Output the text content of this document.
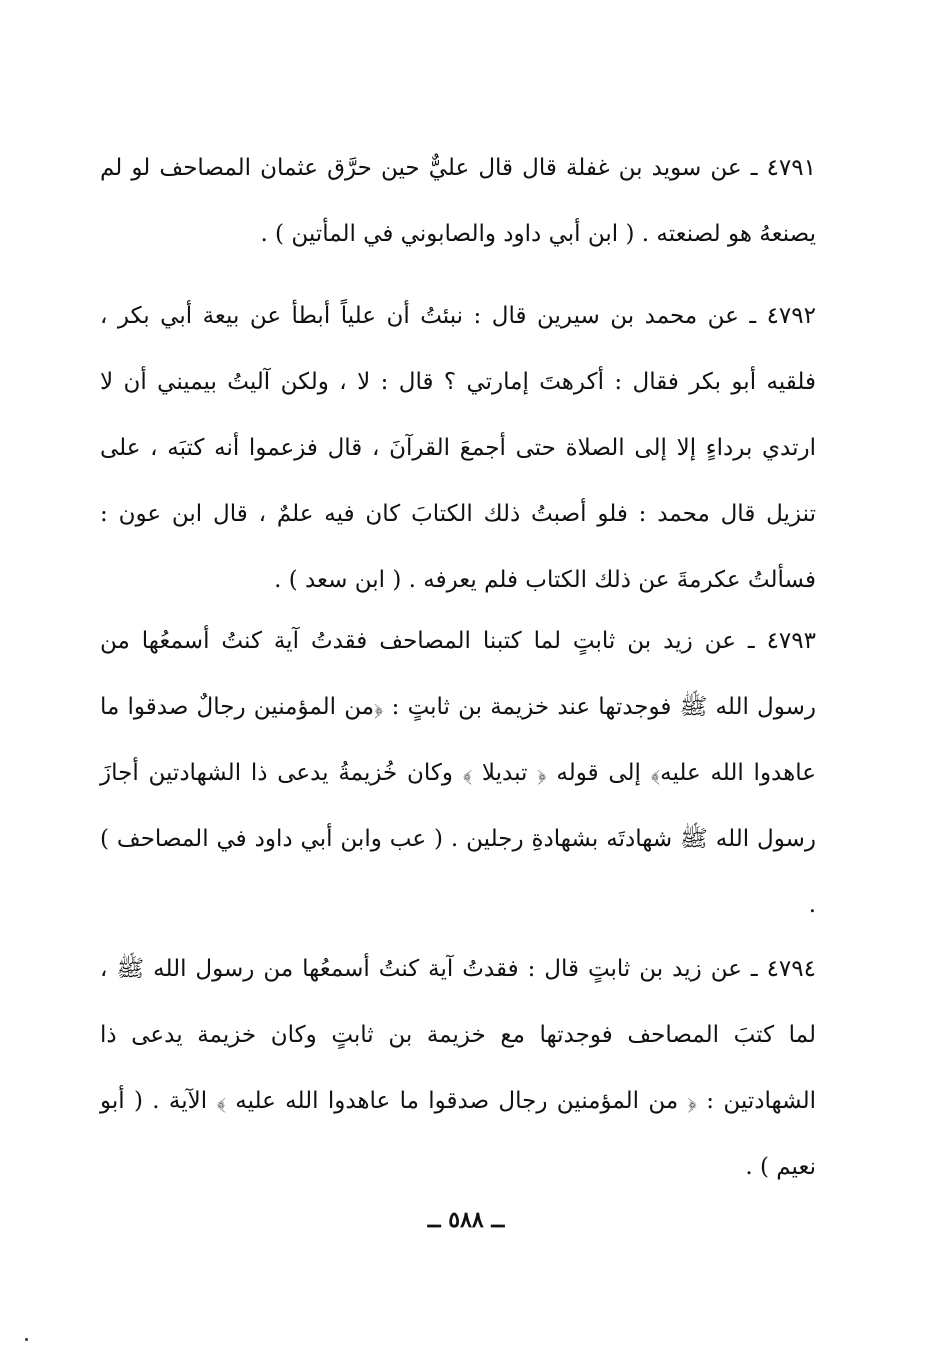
٤٧٩١ ـ عن سويد بن غفلة قال قال عليٌّ حين حرَّق عثمان المصاحف لو لم يصنعهُ هو لصنعته . ( ابن أبي داود والصابوني في المأتين ) .

٤٧٩٢ ـ عن محمد بن سيرين قال : نبئتُ أن علياً أبطأ عن بيعة أبي بكر ، فلقيه أبو بكر فقال : أكرهتَ إمارتي ؟ قال : لا ، ولكن آليتُ بيميني أن لا ارتدي برداءٍ إلا إلى الصلاة حتى أجمعَ القرآنَ ، قال فزعموا أنه كتبَه ، على تنزيل قال محمد : فلو أصبتُ ذلك الكتابَ كان فيه علمٌ ، قال ابن عون : فسألتُ عكرمةَ عن ذلك الكتاب فلم يعرفه . ( ابن سعد ) .

٤٧٩٣ ـ عن زيد بن ثابتٍ لما كتبنا المصاحف فقدتُ آية كنتُ أسمعُها من رسول الله ﷺ فوجدتها عند خزيمة بن ثابتٍ : ﴿من المؤمنين رجالٌ صدقوا ما عاهدوا الله عليه﴾ إلى قوله ﴿ تبديلا ﴾ وكان خُزيمةُ يدعى ذا الشهادتين أجازَ رسول الله ﷺ شهادتَه بشهادةِ رجلين . ( عب وابن أبي داود في المصاحف ) .

٤٧٩٤ ـ عن زيد بن ثابتٍ قال : فقدتُ آية كنتُ أسمعُها من رسول الله ﷺ ، لما كتبَ المصاحف فوجدتها مع خزيمة بن ثابتٍ وكان خزيمة يدعى ذا الشهادتين : ﴿ من المؤمنين رجال صدقوا ما عاهدوا الله عليه ﴾ الآية . ( أبو نعيم ) .

ــ ٥٨٨ ــ
